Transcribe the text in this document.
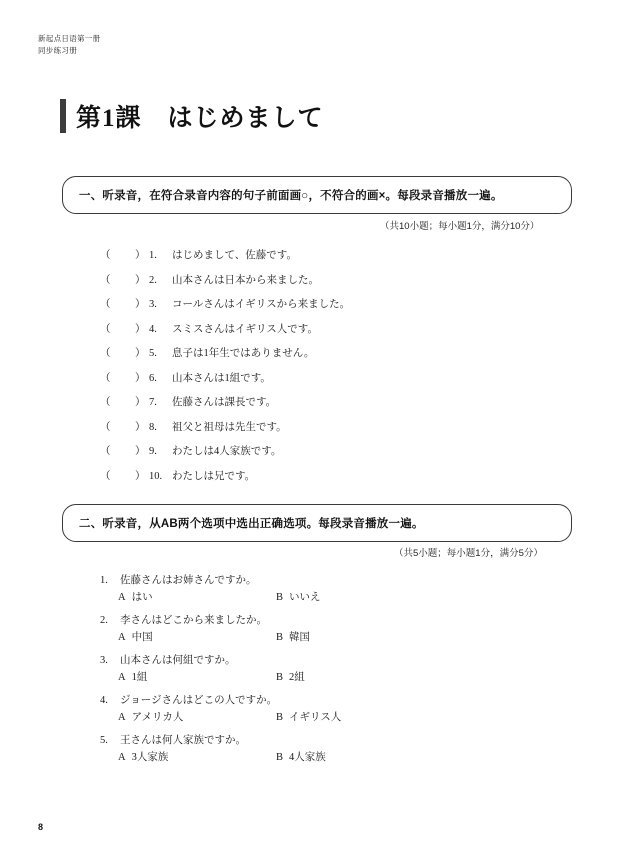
新起点日语第一册
同步练习册
第1課　はじめまして
一、听录音，在符合录音内容的句子前面画○，不符合的画×。每段录音播放一遍。
（共10小题；每小题1分，满分10分）
（ ） 1.	はじめまして、佐藤です。
（ ） 2.	山本さんは日本から来ました。
（ ） 3.	コールさんはイギリスから来ました。
（ ） 4.	スミスさんはイギリス人です。
（ ） 5.	息子は1年生ではありません。
（ ） 6.	山本さんは1組です。
（ ） 7.	佐藤さんは課長です。
（ ） 8.	祖父と祖母は先生です。
（ ） 9.	わたしは4人家族です。
（ ） 10. わたしは兄です。
二、听录音，从AB两个选项中选出正确选项。每段录音播放一遍。
（共5小题；每小题1分，满分5分）
1.	佐藤さんはお姉さんですか。
A はい	B いいえ
2.	李さんはどこから来ましたか。
A 中国	B 韓国
3.	山本さんは何組ですか。
A 1組	B 2組
4.	ジョージさんはどこの人ですか。
A アメリカ人	B イギリス人
5.	王さんは何人家族ですか。
A 3人家族	B 4人家族
8
